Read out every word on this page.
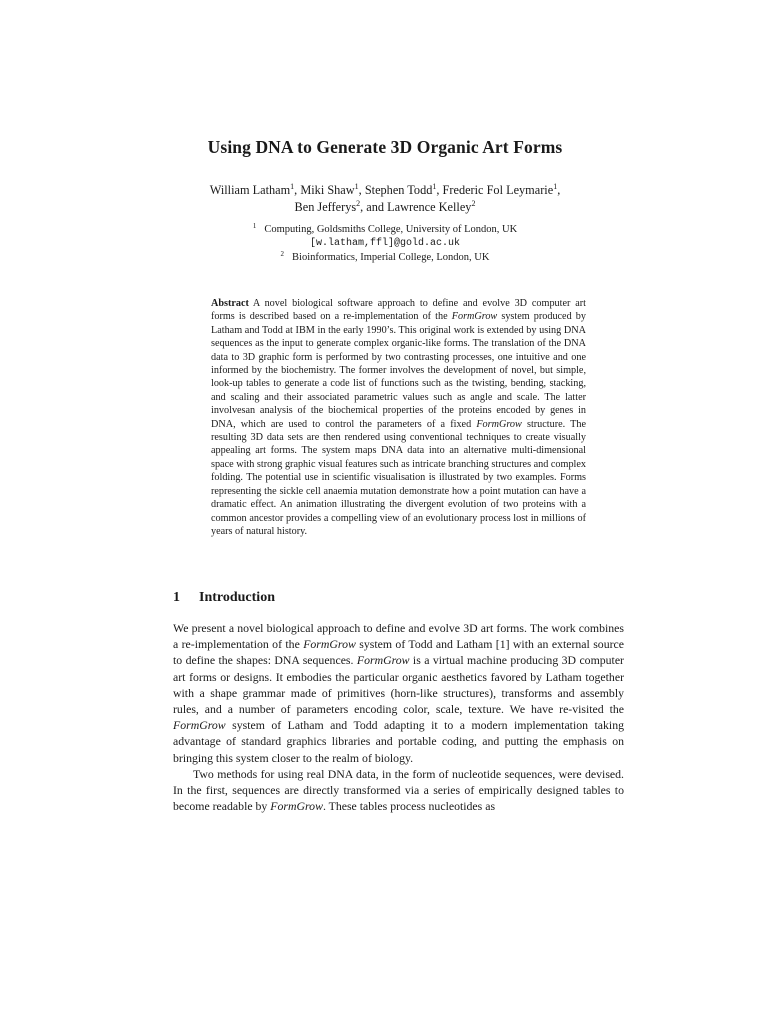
Using DNA to Generate 3D Organic Art Forms
William Latham$^1$, Miki Shaw$^1$, Stephen Todd$^1$, Frederic Fol Leymarie$^1$,
Ben Jefferys$^2$, and Lawrence Kelley$^2$
$^1$ Computing, Goldsmiths College, University of London, UK
[w.latham,ffl]@gold.ac.uk
$^2$ Bioinformatics, Imperial College, London, UK
Abstract A novel biological software approach to define and evolve 3D computer art forms is described based on a re-implementation of the FormGrow system produced by Latham and Todd at IBM in the early 1990’s. This original work is extended by using DNA sequences as the input to generate complex organic-like forms. The translation of the DNA data to 3D graphic form is performed by two contrasting processes, one intuitive and one informed by the biochemistry. The former involves the development of novel, but simple, look-up tables to generate a code list of functions such as the twisting, bending, stacking, and scaling and their associated parametric values such as angle and scale. The latter involvesan analysis of the biochemical properties of the proteins encoded by genes in DNA, which are used to control the parameters of a fixed FormGrow structure. The resulting 3D data sets are then rendered using conventional techniques to create visually appealing art forms. The system maps DNA data into an alternative multi-dimensional space with strong graphic visual features such as intricate branching structures and complex folding. The potential use in scientific visualisation is illustrated by two examples. Forms representing the sickle cell anaemia mutation demonstrate how a point mutation can have a dramatic effect. An animation illustrating the divergent evolution of two proteins with a common ancestor provides a compelling view of an evolutionary process lost in millions of years of natural history.
1 Introduction

We present a novel biological approach to define and evolve 3D art forms. The work combines a re-implementation of the FormGrow system of Todd and Latham [1] with an external source to define the shapes: DNA sequences. FormGrow is a virtual machine producing 3D computer art forms or designs. It embodies the particular organic aesthetics favored by Latham together with a shape grammar made of primitives (horn-like structures), transforms and assembly rules, and a number of parameters encoding color, scale, texture. We have re-visited the FormGrow system of Latham and Todd adapting it to a modern implementation taking advantage of standard graphics libraries and portable coding, and putting the emphasis on bringing this system closer to the realm of biology.

Two methods for using real DNA data, in the form of nucleotide sequences, were devised. In the first, sequences are directly transformed via a series of empirically designed tables to become readable by FormGrow. These tables process nucleotides as
